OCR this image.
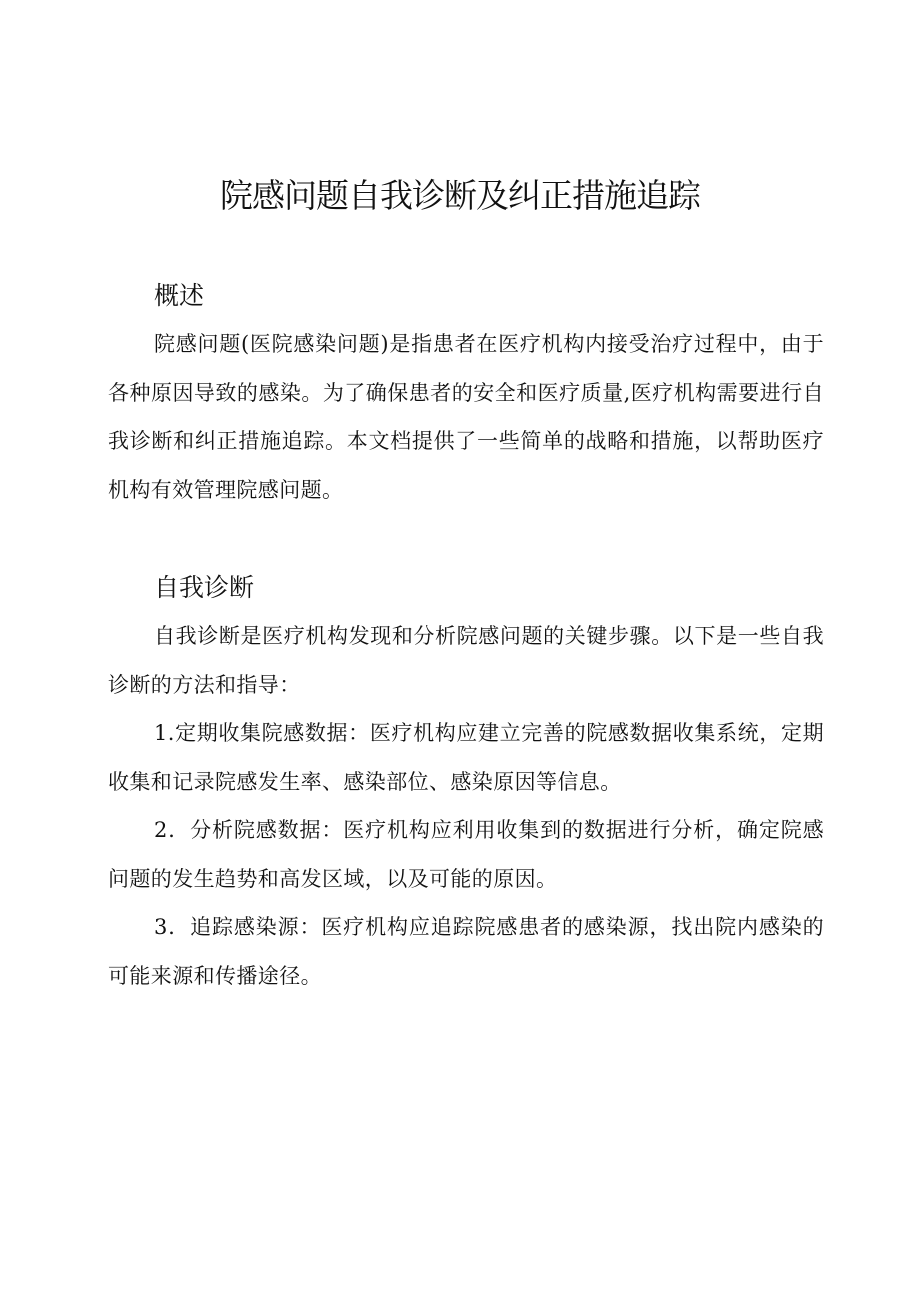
院感问题自我诊断及纠正措施追踪
概述

院感问题(医院感染问题)是指患者在医疗机构内接受治疗过程中，由于各种原因导致的感染。为了确保患者的安全和医疗质量,医疗机构需要进行自我诊断和纠正措施追踪。本文档提供了一些简单的战略和措施，以帮助医疗机构有效管理院感问题。

自我诊断

自我诊断是医疗机构发现和分析院感问题的关键步骤。以下是一些自我诊断的方法和指导：

1.定期收集院感数据：医疗机构应建立完善的院感数据收集系统，定期收集和记录院感发生率、感染部位、感染原因等信息。

2．分析院感数据：医疗机构应利用收集到的数据进行分析，确定院感问题的发生趋势和高发区域，以及可能的原因。

3．追踪感染源：医疗机构应追踪院感患者的感染源，找出院内感染的可能来源和传播途径。
